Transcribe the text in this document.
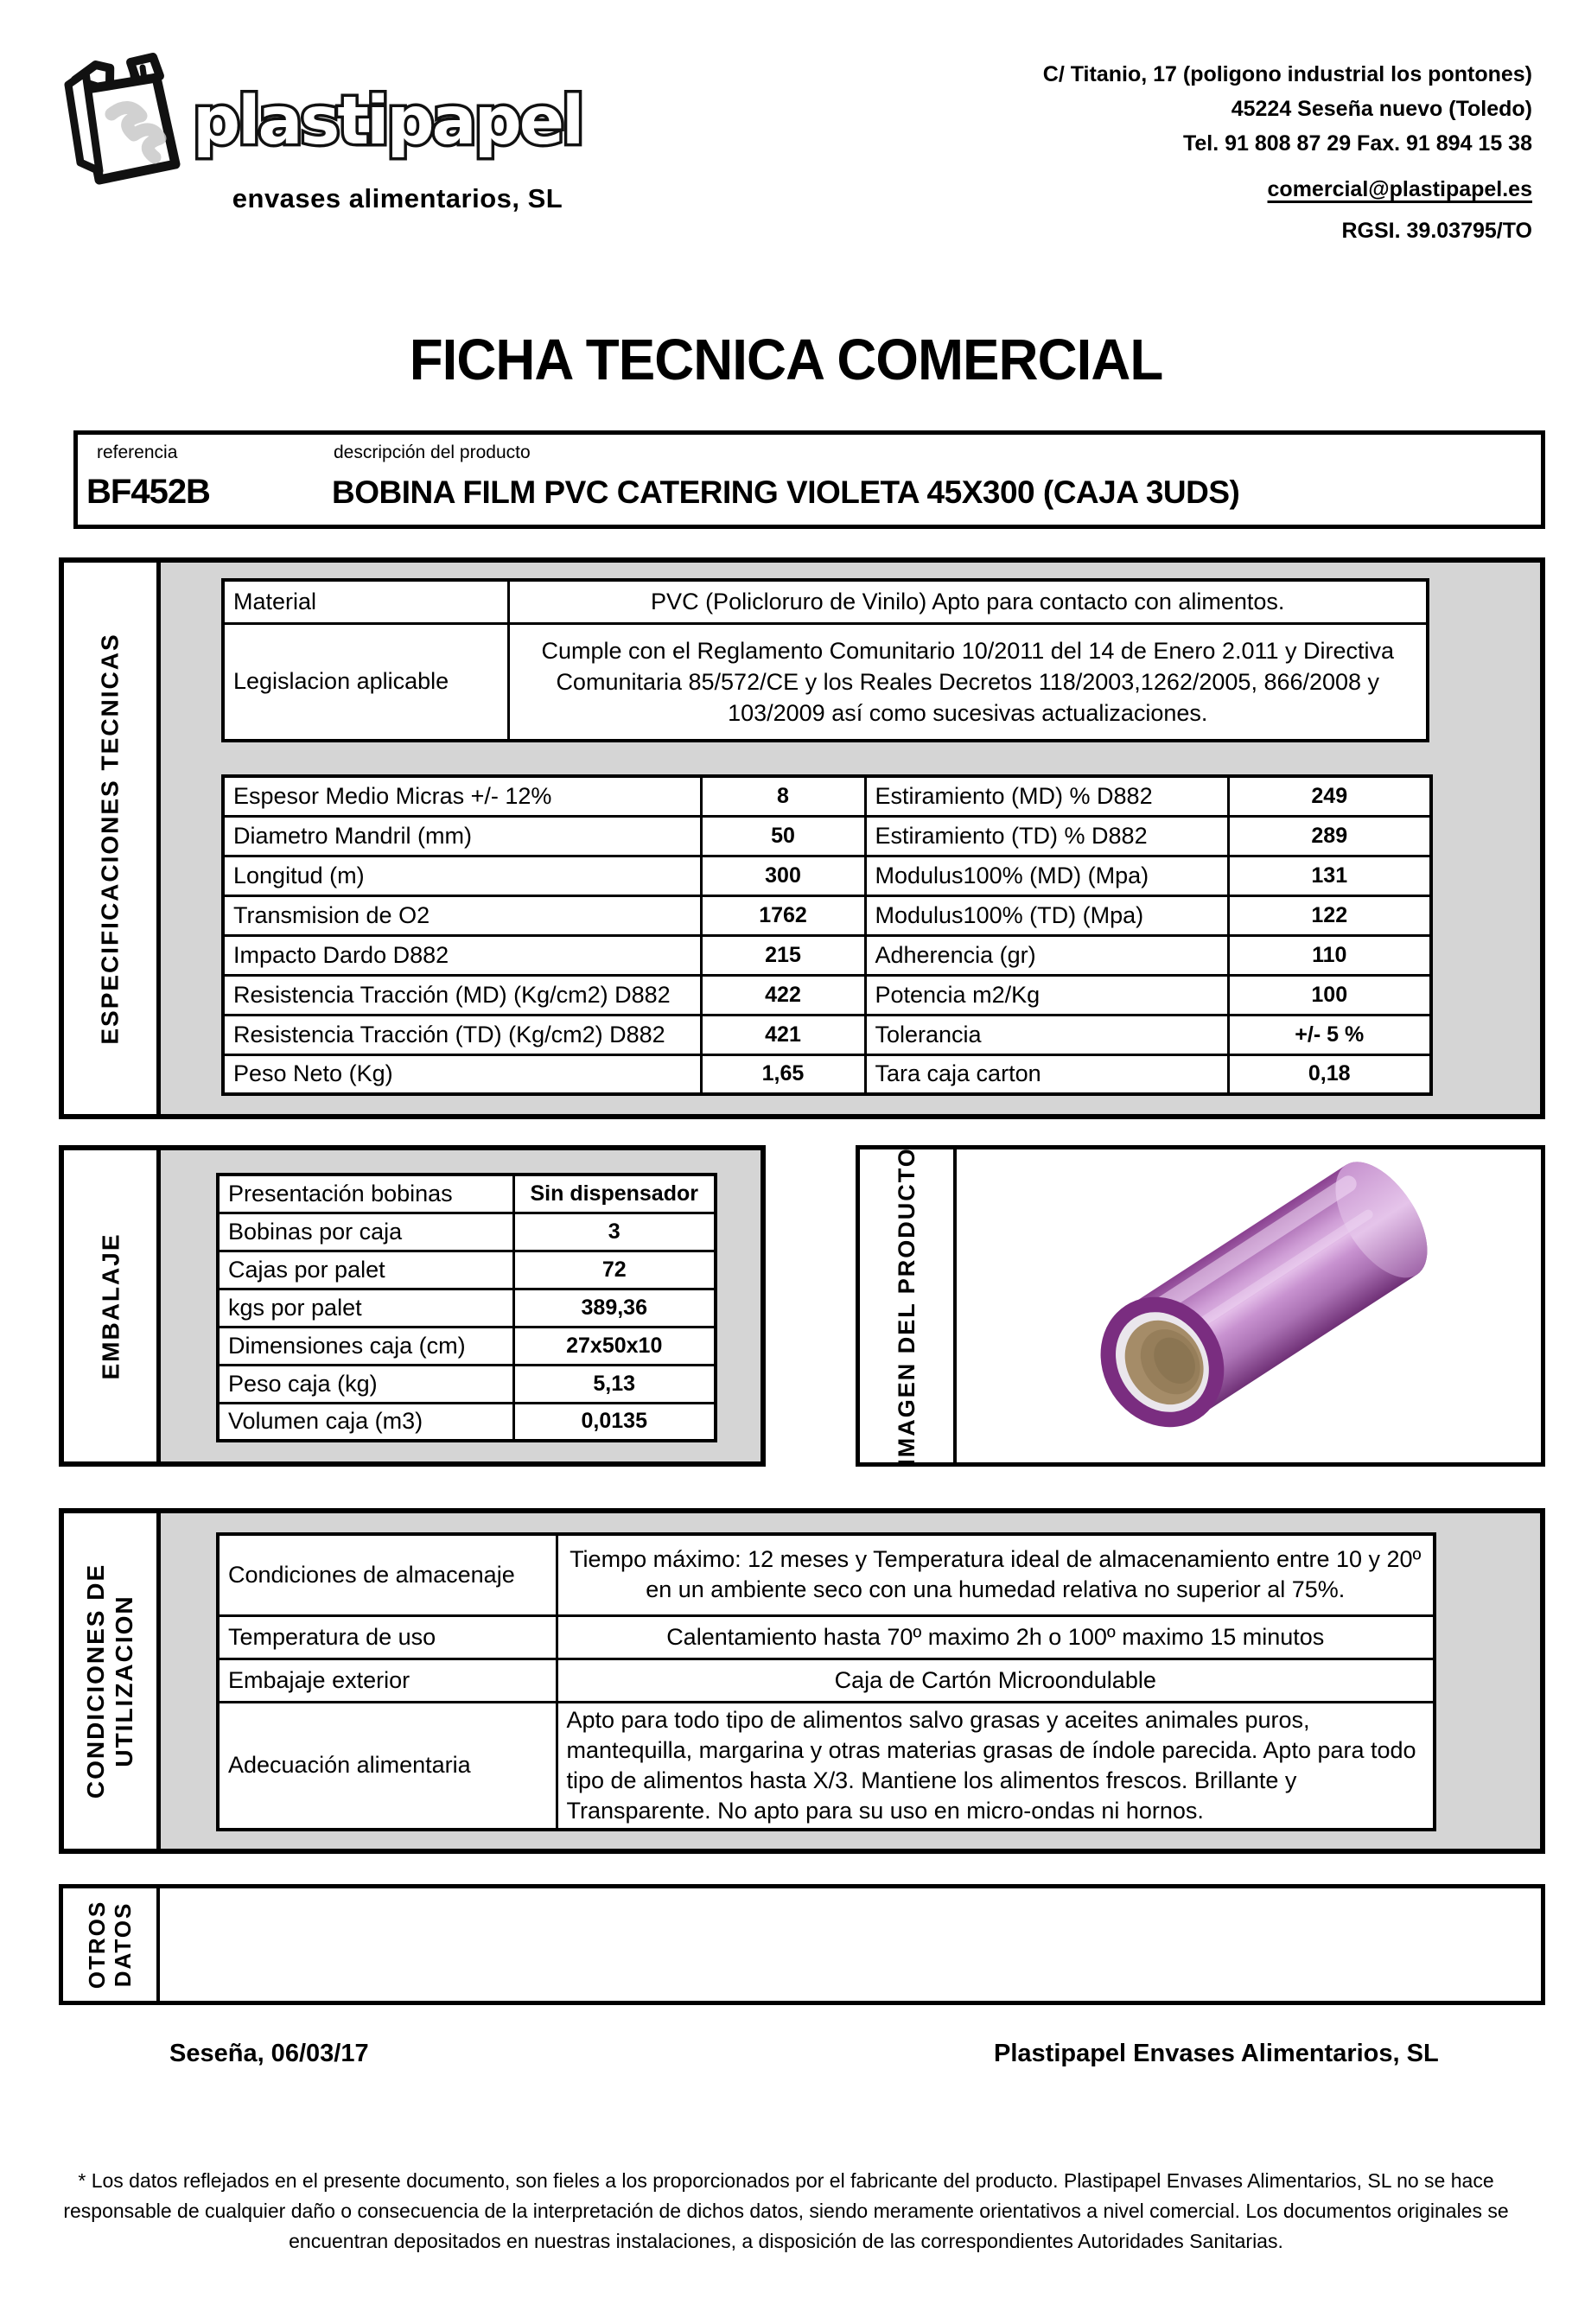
plastipapel
envases alimentarios, SL
C/ Titanio, 17 (poligono industrial los pontones)
45224 Seseña nuevo (Toledo)
Tel. 91 808 87 29 Fax. 91 894 15 38
comercial@plastipapel.es
RGSI. 39.03795/TO
FICHA TECNICA COMERCIAL
referencia	descripción del producto
BF452B	BOBINA FILM PVC CATERING VIOLETA 45X300 (CAJA 3UDS)
ESPECIFICACIONES TECNICAS
Material	PVC (Policloruro de Vinilo) Apto para contacto con alimentos.
Legislacion aplicable	Cumple con el Reglamento Comunitario 10/2011 del 14 de Enero 2.011 y Directiva Comunitaria 85/572/CE y los Reales Decretos 118/2003,1262/2005, 866/2008 y 103/2009 así como sucesivas actualizaciones.
Espesor Medio Micras +/- 12%	8	Estiramiento (MD) % D882	249
Diametro Mandril (mm)	50	Estiramiento (TD) % D882	289
Longitud (m)	300	Modulus100% (MD) (Mpa)	131
Transmision de O2	1762	Modulus100% (TD) (Mpa)	122
Impacto Dardo D882	215	Adherencia (gr)	110
Resistencia Tracción (MD) (Kg/cm2) D882	422	Potencia m2/Kg	100
Resistencia Tracción (TD) (Kg/cm2) D882	421	Tolerancia	+/- 5 %
Peso Neto (Kg)	1,65	Tara caja carton	0,18
EMBALAJE
Presentación bobinas	Sin dispensador
Bobinas por caja	3
Cajas por palet	72
kgs por palet	389,36
Dimensiones caja (cm)	27x50x10
Peso caja (kg)	5,13
Volumen caja (m3)	0,0135	IMAGEN DEL PRODUCTO
CONDICIONES DE UTILIZACION
Condiciones de almacenaje	Tiempo máximo: 12 meses y Temperatura ideal de almacenamiento entre 10 y 20º en un ambiente seco con una humedad relativa no superior al 75%.
Temperatura de uso	Calentamiento hasta 70º maximo 2h o 100º maximo 15 minutos
Embajaje exterior	Caja de Cartón Microondulable
Adecuación alimentaria	Apto para todo tipo de alimentos salvo grasas y aceites animales puros, mantequilla, margarina y otras materias grasas de índole parecida. Apto para todo tipo de alimentos hasta X/3. Mantiene los alimentos frescos. Brillante y Transparente. No apto para su uso en micro-ondas ni hornos.
OTROS DATOS
Seseña, 06/03/17	Plastipapel Envases Alimentarios, SL
* Los datos reflejados en el presente documento, son fieles a los proporcionados por el fabricante del producto. Plastipapel Envases Alimentarios, SL no se hace responsable de cualquier daño o consecuencia de la interpretación de dichos datos, siendo meramente orientativos a nivel comercial. Los documentos originales se encuentran depositados en nuestras instalaciones, a disposición de las correspondientes Autoridades Sanitarias.
